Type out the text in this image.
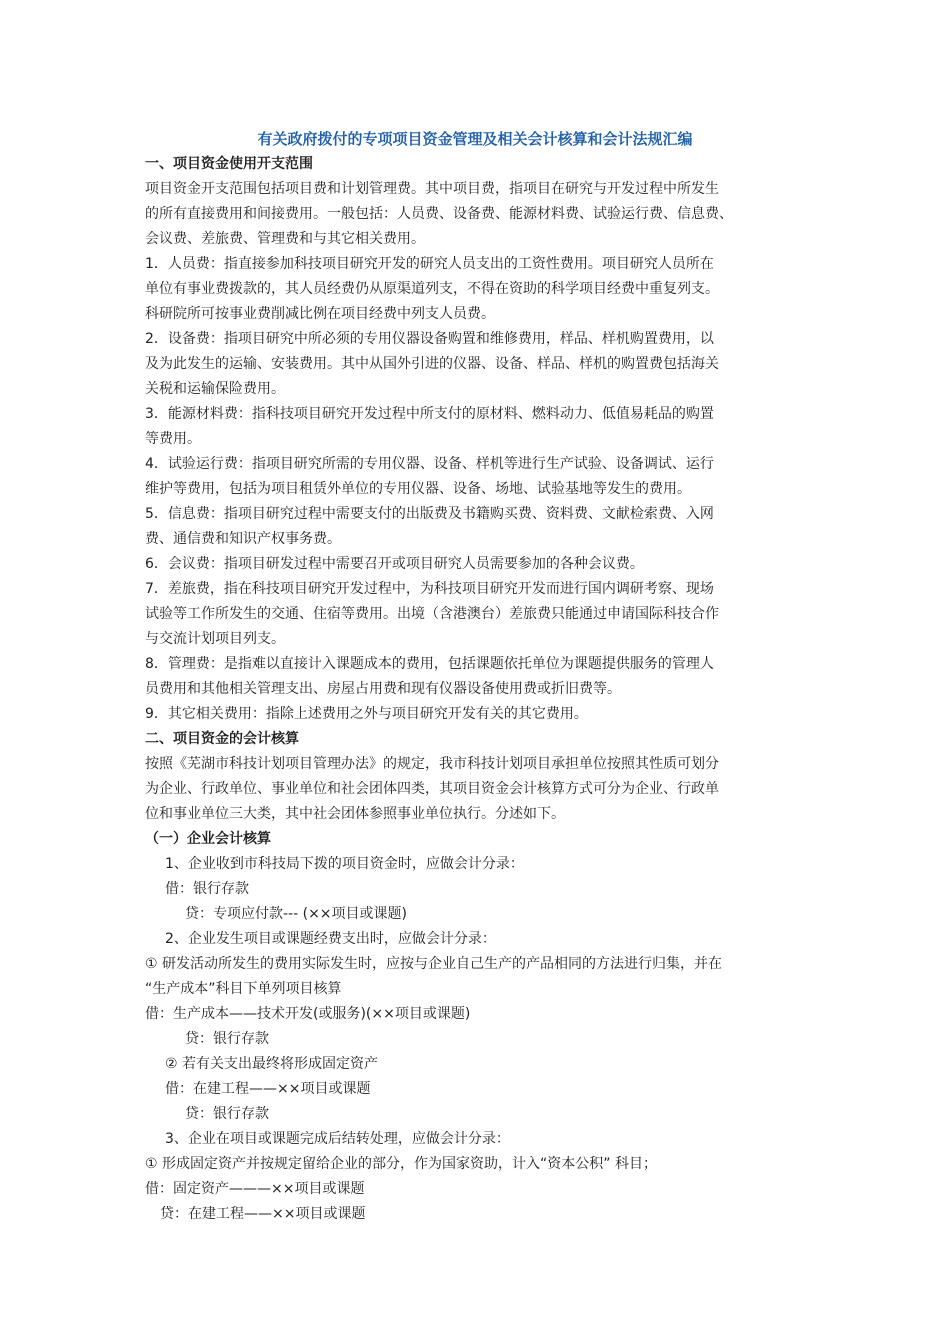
有关政府拨付的专项项目资金管理及相关会计核算和会计法规汇编

一、项目资金使用开支范围

项目资金开支范围包括项目费和计划管理费。其中项目费，指项目在研究与开发过程中所发生

的所有直接费用和间接费用。一般包括：人员费、设备费、能源材料费、试验运行费、信息费、

会议费、差旅费、管理费和与其它相关费用。

1．人员费：指直接参加科技项目研究开发的研究人员支出的工资性费用。项目研究人员所在

单位有事业费拨款的，其人员经费仍从原渠道列支，不得在资助的科学项目经费中重复列支。

科研院所可按事业费削减比例在项目经费中列支人员费。

2．设备费：指项目研究中所必须的专用仪器设备购置和维修费用，样品、样机购置费用，以

及为此发生的运输、安装费用。其中从国外引进的仪器、设备、样品、样机的购置费包括海关

关税和运输保险费用。

3．能源材料费：指科技项目研究开发过程中所支付的原材料、燃料动力、低值易耗品的购置

等费用。

4．试验运行费：指项目研究所需的专用仪器、设备、样机等进行生产试验、设备调试、运行

维护等费用，包括为项目租赁外单位的专用仪器、设备、场地、试验基地等发生的费用。

5．信息费：指项目研究过程中需要支付的出版费及书籍购买费、资料费、文献检索费、入网

费、通信费和知识产权事务费。

6．会议费：指项目研发过程中需要召开或项目研究人员需要参加的各种会议费。

7．差旅费，指在科技项目研究开发过程中，为科技项目研究开发而进行国内调研考察、现场

试验等工作所发生的交通、住宿等费用。出境（含港澳台）差旅费只能通过申请国际科技合作

与交流计划项目列支。

8．管理费：是指难以直接计入课题成本的费用，包括课题依托单位为课题提供服务的管理人

员费用和其他相关管理支出、房屋占用费和现有仪器设备使用费或折旧费等。

9．其它相关费用：指除上述费用之外与项目研究开发有关的其它费用。

二、项目资金的会计核算

按照《芜湖市科技计划项目管理办法》的规定，我市科技计划项目承担单位按照其性质可划分

为企业、行政单位、事业单位和社会团体四类，其项目资金会计核算方式可分为企业、行政单

位和事业单位三大类，其中社会团体参照事业单位执行。分述如下。

（一）企业会计核算

1、企业收到市科技局下拨的项目资金时，应做会计分录：

借：银行存款

贷：专项应付款--- (××项目或课题)

2、企业发生项目或课题经费支出时，应做会计分录：

① 研发活动所发生的费用实际发生时，应按与企业自己生产的产品相同的方法进行归集，并在

“生产成本”科目下单列项目核算

借：生产成本——技术开发(或服务)(××项目或课题)

贷：银行存款

② 若有关支出最终将形成固定资产

借：在建工程——××项目或课题

贷：银行存款

3、企业在项目或课题完成后结转处理，应做会计分录：

① 形成固定资产并按规定留给企业的部分，作为国家资助，计入“资本公积” 科目；

借：固定资产———××项目或课题

贷：在建工程——××项目或课题
